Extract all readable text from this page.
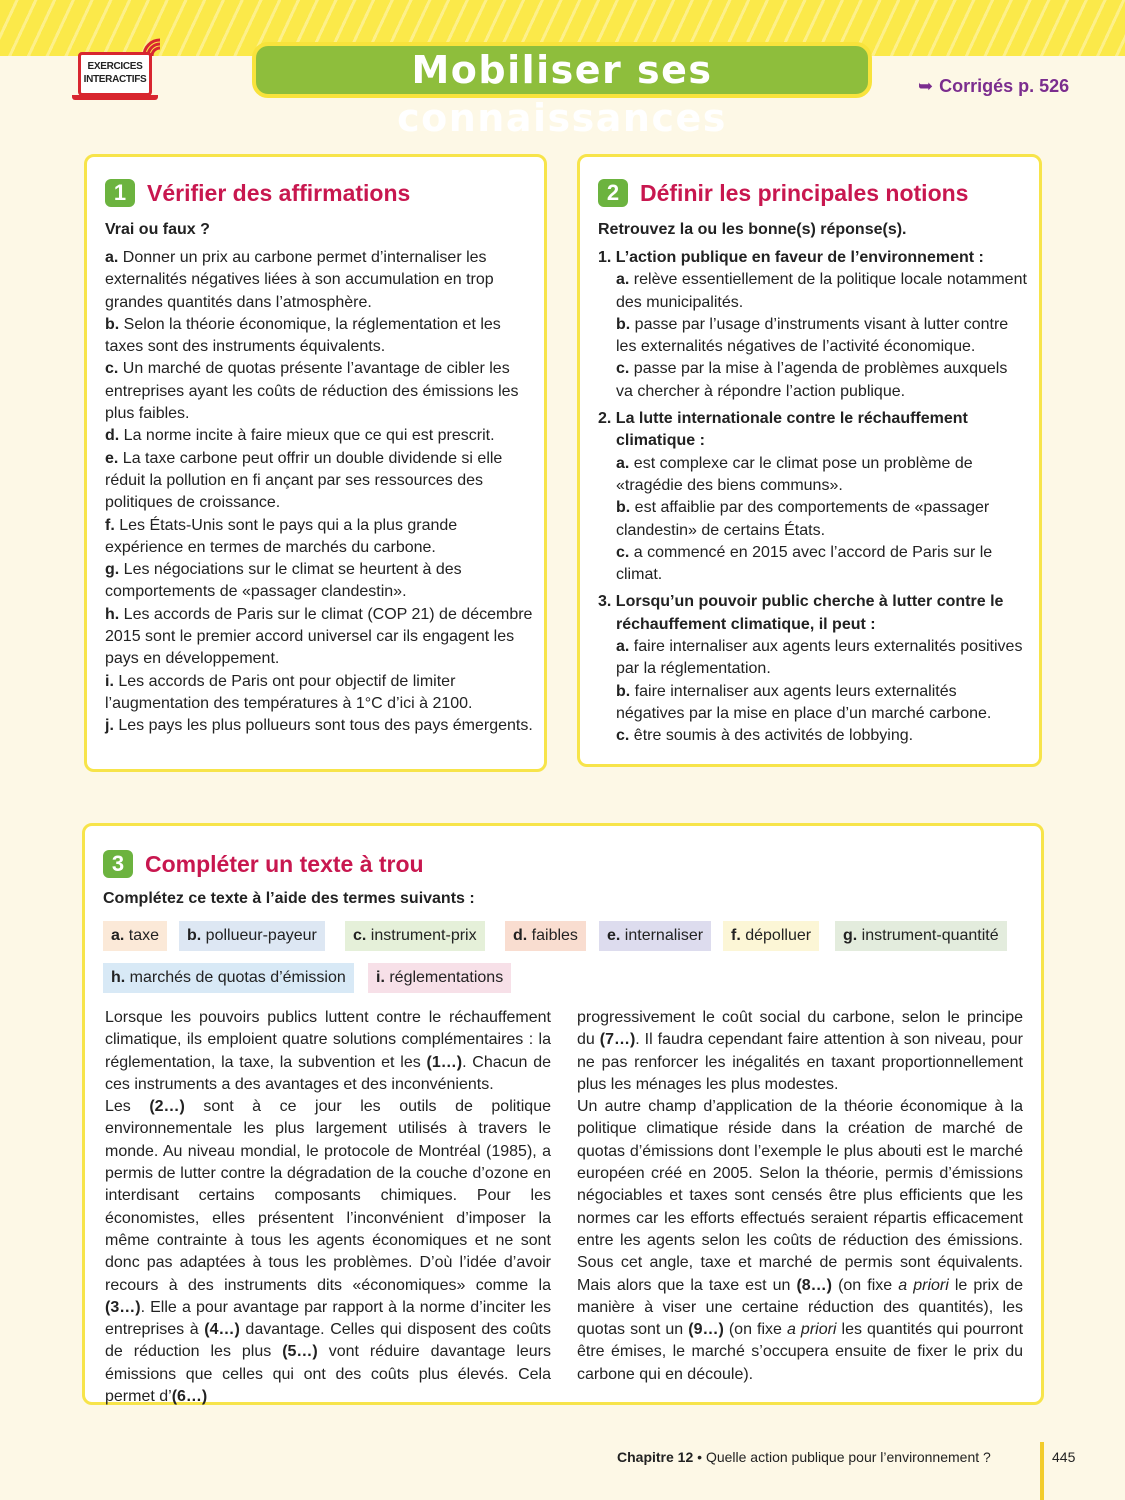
EXERCICES
INTERACTIFS	Mobiliser ses connaissances
➥ Corrigés p. 526
1 Vérifier des affirmations
Vrai ou faux ?

a. Donner un prix au carbone permet d’internaliser les externalités négatives liées à son accumulation en trop grandes quantités dans l’atmosphère.

b. Selon la théorie économique, la réglementation et les taxes sont des instruments équivalents.

c. Un marché de quotas présente l’avantage de cibler les entreprises ayant les coûts de réduction des émissions les plus faibles.

d. La norme incite à faire mieux que ce qui est prescrit.

e. La taxe carbone peut offrir un double dividende si elle réduit la pollution en fi ançant par ses ressources des politiques de croissance.

f. Les États-Unis sont le pays qui a la plus grande expérience en termes de marchés du carbone.

g. Les négociations sur le climat se heurtent à des comportements de «passager clandestin».

h. Les accords de Paris sur le climat (COP 21) de décembre 2015 sont le premier accord universel car ils engagent les pays en développement.

i. Les accords de Paris ont pour objectif de limiter l’augmentation des températures à 1°C d’ici à 2100.

j. Les pays les plus pollueurs sont tous des pays émergents.

2 Définir les principales notions
Retrouvez la ou les bonne(s) réponse(s).

1. L’action publique en faveur de l’environnement :

a. relève essentiellement de la politique locale notamment des municipalités.

b. passe par l’usage d’instruments visant à lutter contre les externalités négatives de l’activité économique.

c. passe par la mise à l’agenda de problèmes auxquels va chercher à répondre l’action publique.

2. La lutte internationale contre le réchauffement climatique :

a. est complexe car le climat pose un problème de «tragédie des biens communs».

b. est affaiblie par des comportements de «passager clandestin» de certains États.

c. a commencé en 2015 avec l’accord de Paris sur le climat.

3. Lorsqu’un pouvoir public cherche à lutter contre le réchauffement climatique, il peut :

a. faire internaliser aux agents leurs externalités positives par la réglementation.

b. faire internaliser aux agents leurs externalités négatives par la mise en place d’un marché carbone.

c. être soumis à des activités de lobbying.

3 Compléter un texte à trou
Complétez ce texte à l’aide des termes suivants :
a. taxe	b. pollueur-payeur	c. instrument-prix	d. faibles	e. internaliser	f. dépolluer	g. instrument-quantité
h. marchés de quotas d’émission	i. réglementations

Lorsque les pouvoirs publics luttent contre le réchauffement climatique, ils emploient quatre solutions complémentaires : la réglementation, la taxe, la subvention et les (1…). Chacun de ces instruments a des avantages et des inconvénients.

Les (2…) sont à ce jour les outils de politique environnementale les plus largement utilisés à travers le monde. Au niveau mondial, le protocole de Montréal (1985), a permis de lutter contre la dégradation de la couche d’ozone en interdisant certains composants chimiques. Pour les économistes, elles présentent l’inconvénient d’imposer la même contrainte à tous les agents économiques et ne sont donc pas adaptées à tous les problèmes. D’où l’idée d’avoir recours à des instruments dits «économiques» comme la (3…). Elle a pour avantage par rapport à la norme d’inciter les entreprises à (4…) davantage. Celles qui disposent des coûts de réduction les plus (5…) vont réduire davantage leurs émissions que celles qui ont des coûts plus élevés. Cela permet d’(6…)

progressivement le coût social du carbone, selon le principe du (7…). Il faudra cependant faire attention à son niveau, pour ne pas renforcer les inégalités en taxant proportionnellement plus les ménages les plus modestes.

Un autre champ d’application de la théorie économique à la politique climatique réside dans la création de marché de quotas d’émissions dont l’exemple le plus abouti est le marché européen créé en 2005. Selon la théorie, permis d’émissions négociables et taxes sont censés être plus efficients que les normes car les efforts effectués seraient répartis efficacement entre les agents selon les coûts de réduction des émissions. Sous cet angle, taxe et marché de permis sont équivalents. Mais alors que la taxe est un (8…) (on fixe a priori le prix de manière à viser une certaine réduction des quantités), les quotas sont un (9…) (on fixe a priori les quantités qui pourront être émises, le marché s’occupera ensuite de fixer le prix du carbone qui en découle).

Chapitre 12 • Quelle action publique pour l’environnement ?	445
